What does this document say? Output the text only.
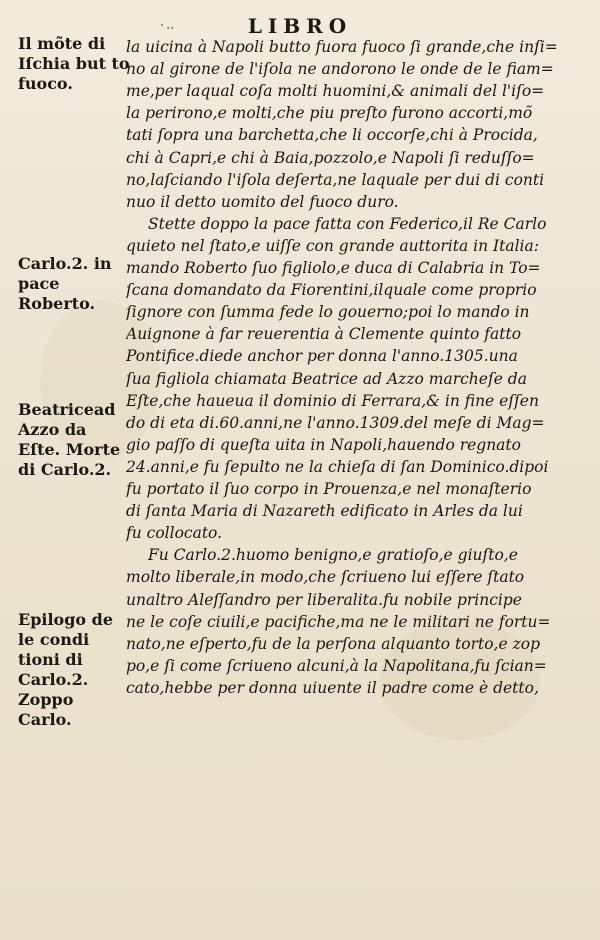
·‥	LIBRO
Il mõte di Iſchia but to fuoco.
Carlo.2. in pace Roberto.
Beatricead Azzo da Eſte. Morte di Carlo.2.
Epilogo de le condi tioni di Carlo.2. Zoppo Carlo.
la uicina à Napoli butto fuora fuoco ſi grande,che inſi=
no al girone de l'iſola ne andorono le onde de le fiam=
me,per laqual coſa molti huomini,& animali del l'iſo=
la perirono,e molti,che piu preſto furono accorti,mõ
tati ſopra una barchetta,che li occorſe,chi à Procida,
chi à Capri,e chi à Baia,pozzolo,e Napoli ſi reduſſo=
no,laſciando l'iſola deſerta,ne laquale per dui di conti
nuo il detto uomito del fuoco duro.
Stette doppo la pace fatta con Federico,il Re Carlo
quieto nel ſtato,e uiſſe con grande auttorita in Italia:
mando Roberto ſuo figliolo,e duca di Calabria in To=
ſcana domandato da Fiorentini,ilquale come proprio
ſignore con ſumma fede lo gouerno;poi lo mando in
Auignone à far reuerentia à Clemente quinto fatto
Pontifice.diede anchor per donna l'anno.1305.una
ſua figliola chiamata Beatrice ad Azzo marcheſe da
Eſte,che haueua il dominio di Ferrara,& in fine eſſen
do di eta di.60.anni,ne l'anno.1309.del meſe di Mag=
gio paſſo di queſta uita in Napoli,hauendo regnato
24.anni,e fu ſepulto ne la chieſa di ſan Dominico.dipoi
fu portato il ſuo corpo in Prouenza,e nel monaſterio
di ſanta Maria di Nazareth edificato in Arles da lui
fu collocato.
Fu Carlo.2.huomo benigno,e gratioſo,e giuſto,e
molto liberale,in modo,che ſcriueno lui eſſere ſtato
unaltro Aleſſandro per liberalita.fu nobile principe
ne le coſe ciuili,e pacifiche,ma ne le militari ne fortu=
nato,ne eſperto,fu de la perſona alquanto torto,e zop
po,e ſi come ſcriueno alcuni,à la Napolitana,fu ſcian=
cato,hebbe per donna uiuente il padre come è detto,
